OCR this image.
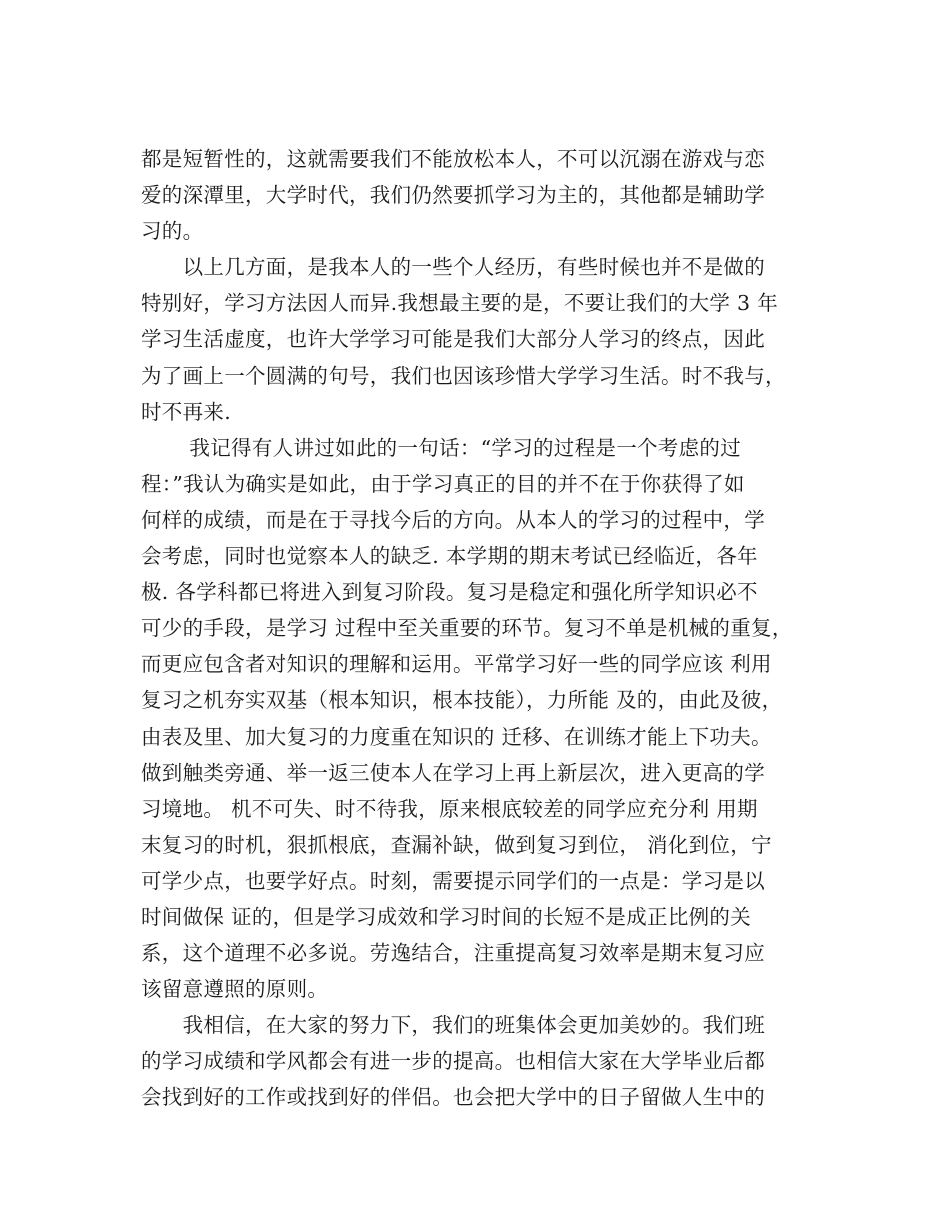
都是短暂性的，这就需要我们不能放松本人，不可以沉溺在游戏与恋
爱的深潭里，大学时代，我们仍然要抓学习为主的，其他都是辅助学
习的。
　　以上几方面，是我本人的一些个人经历，有些时候也并不是做的
特别好，学习方法因人而异.我想最主要的是，不要让我们的大学 3 年
学习生活虚度，也许大学学习可能是我们大部分人学习的终点，因此
为了画上一个圆满的句号，我们也因该珍惜大学学习生活。时不我与，
时不再来.
　　 我记得有人讲过如此的一句话：“学习的过程是一个考虑的过
程：”我认为确实是如此，由于学习真正的目的并不在于你获得了如
何样的成绩，而是在于寻找今后的方向。从本人的学习的过程中，学
会考虑，同时也觉察本人的缺乏. 本学期的期末考试已经临近，各年
极. 各学科都已将进入到复习阶段。复习是稳定和强化所学知识必不
可少的手段，是学习 过程中至关重要的环节。复习不单是机械的重复，
而更应包含者对知识的理解和运用。平常学习好一些的同学应该 利用
复习之机夯实双基（根本知识，根本技能），力所能 及的，由此及彼，
由表及里、加大复习的力度重在知识的 迁移、在训练才能上下功夫。
做到触类旁通、举一返三使本人在学习上再上新层次，进入更高的学
习境地。 机不可失、时不待我，原来根底较差的同学应充分利 用期
末复习的时机，狠抓根底，查漏补缺，做到复习到位， 消化到位，宁
可学少点，也要学好点。时刻，需要提示同学们的一点是：学习是以
时间做保 证的，但是学习成效和学习时间的长短不是成正比例的关
系，这个道理不必多说。劳逸结合，注重提高复习效率是期末复习应
该留意遵照的原则。
　　我相信，在大家的努力下，我们的班集体会更加美妙的。我们班
的学习成绩和学风都会有进一步的提高。也相信大家在大学毕业后都
会找到好的工作或找到好的伴侣。也会把大学中的日子留做人生中的
